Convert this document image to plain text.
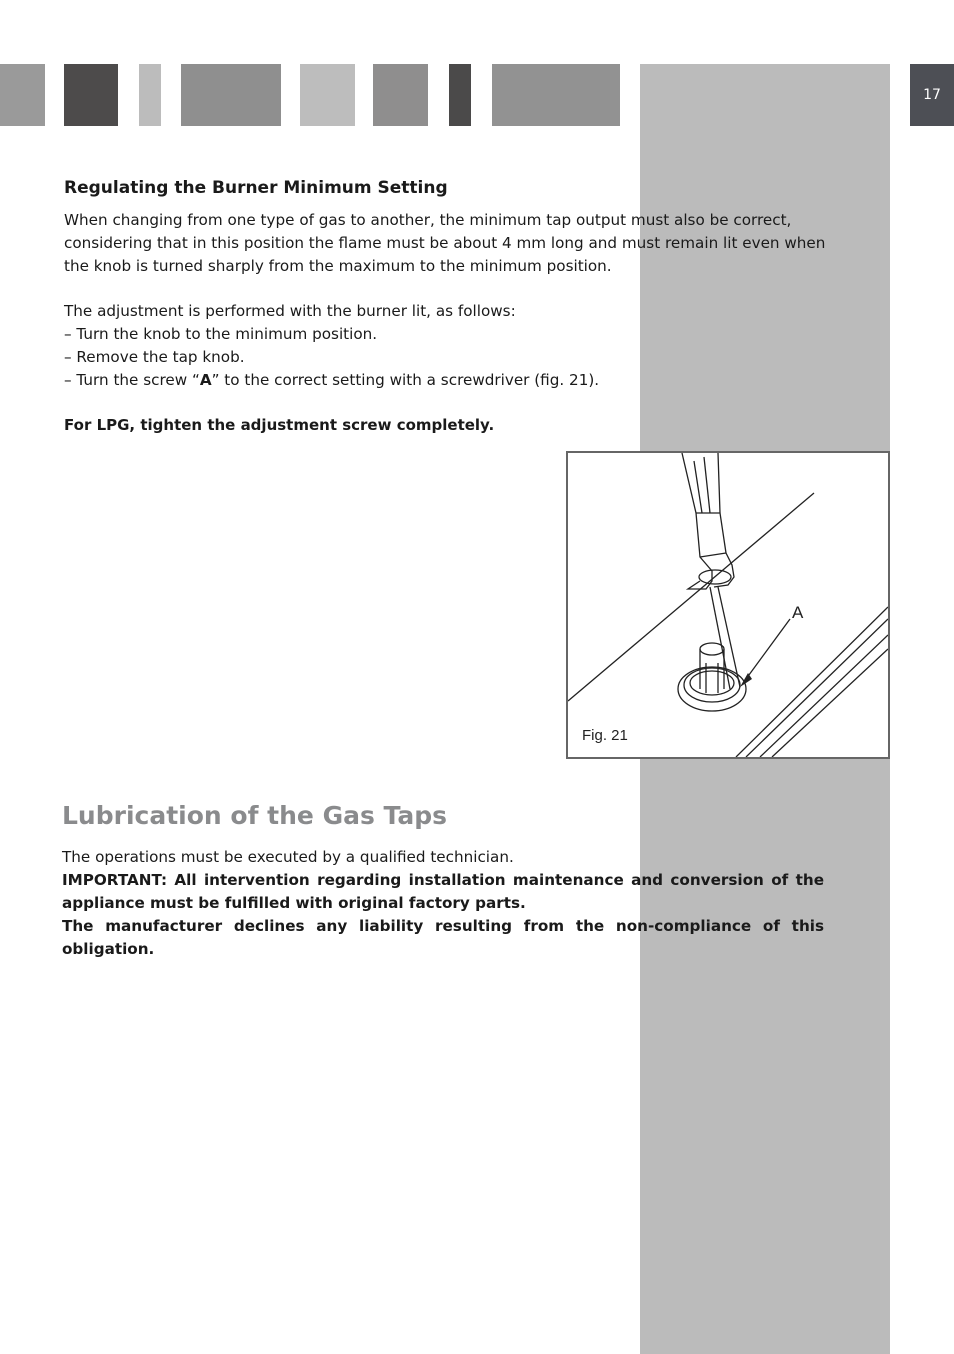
17
Regulating the Burner Minimum Setting

When changing from one type of gas to another, the minimum tap output must also be correct, considering that in this position the flame must be about 4 mm long and must remain lit even when the knob is turned sharply from the maximum to the minimum position.

The adjustment is performed with the burner lit, as follows:

– Turn the knob to the minimum position.

– Remove the tap knob.

– Turn the screw “A” to the correct setting with a screwdriver (fig. 21).

For LPG, tighten the adjustment screw completely.
A
Fig. 21
Lubrication of the Gas Taps

The operations must be executed by a qualified technician.

IMPORTANT: All intervention regarding installation maintenance and conversion of the appliance must be fulfilled with original factory parts.

The manufacturer declines any liability resulting from the non-compliance of this obligation.
